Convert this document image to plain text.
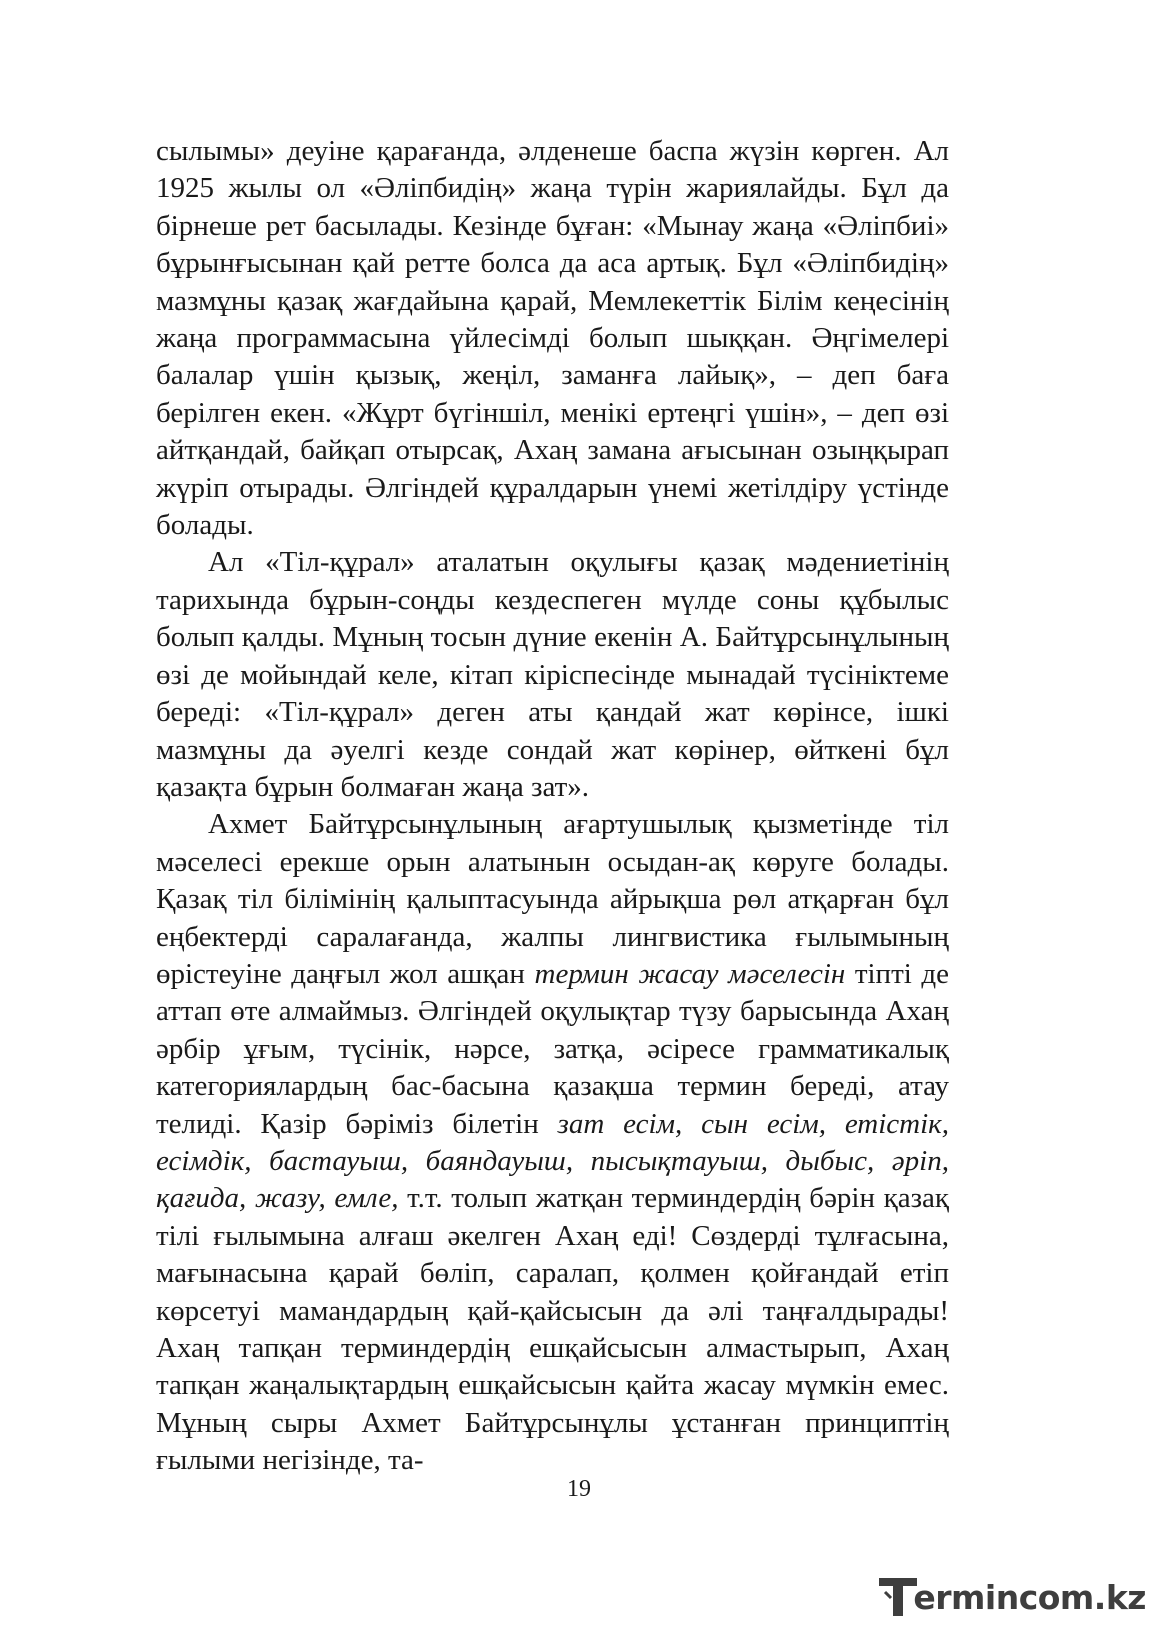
сылымы» деуіне қарағанда, әлденеше баспа жүзін көрген. Ал 1925 жылы ол «Әліпбидің» жаңа түрін жариялайды. Бұл да бірнеше рет басылады. Кезінде бұған: «Мынау жаңа «Әліпбиі» бұрынғысынан қай ретте болса да аса артық. Бұл «Әліпбидің» мазмұны қазақ жағдайына қарай, Мемлекеттік Білім кеңесінің жаңа программасына үйлесімді болып шыққан. Әңгімелері балалар үшін қызық, жеңіл, заманға лайық», – деп баға берілген екен. «Жұрт бүгіншіл, менікі ертеңгі үшін», – деп өзі айтқандай, байқап отырсақ, Ахаң заманa ағысынан озыңқырап жүріп отырады. Әлгіндей құралдарын үнемі жетілдіру үстінде болады.

Ал «Тіл-құрал» аталатын оқулығы қазақ мәдениетінің тарихында бұрын-соңды кездеспеген мүлде соны құбылыс болып қалды. Мұның тосын дүние екенін А. Байтұрсынұлының өзі де мойындай келе, кітап кіріспесінде мынадай түсініктеме береді: «Тіл-құрал» деген аты қандай жат көрінсе, ішкі мазмұны да әуелгі кезде сондай жат көрінер, өйткені бұл қазақта бұрын болмаған жаңа зат».

Ахмет Байтұрсынұлының ағартушылық қызметінде тіл мәселесі ерекше орын алатынын осыдан-ақ көруге болады. Қазақ тіл білімінің қалыптасуында айрықша рөл атқарған бұл еңбектерді саралағанда, жалпы лингвистика ғылымының өрістеуіне даңғыл жол ашқан термин жасау мәселесін тіпті де аттап өте алмаймыз. Әлгіндей оқулықтар түзу барысында Ахаң әрбір ұғым, түсінік, нәрсе, затқа, әсіресе грамматикалық категориялардың бас-басына қазақша термин береді, атау телиді. Қазір бәріміз білетін зат есім, сын есім, етістік, есімдік, бастауыш, баяндауыш, пысықтауыш, дыбыс, әріп, қағида, жазу, емле, т.т. толып жатқан терминдердің бәрін қазақ тілі ғылымына алғаш әкелген Ахаң еді! Сөздерді тұлғасына, мағынасына қарай бөліп, саралап, қолмен қойғандай етіп көрсетуі мамандардың қай-қайсысын да әлі таңғалдырады! Ахаң тапқан терминдердің ешқайсысын алмастырып, Ахаң тапқан жаңалықтардың ешқайсысын қайта жасау мүмкін емес. Мұның сыры Ахмет Байтұрсынұлы ұстанған принциптің ғылыми негізінде, та-

19
ermincom.kz
